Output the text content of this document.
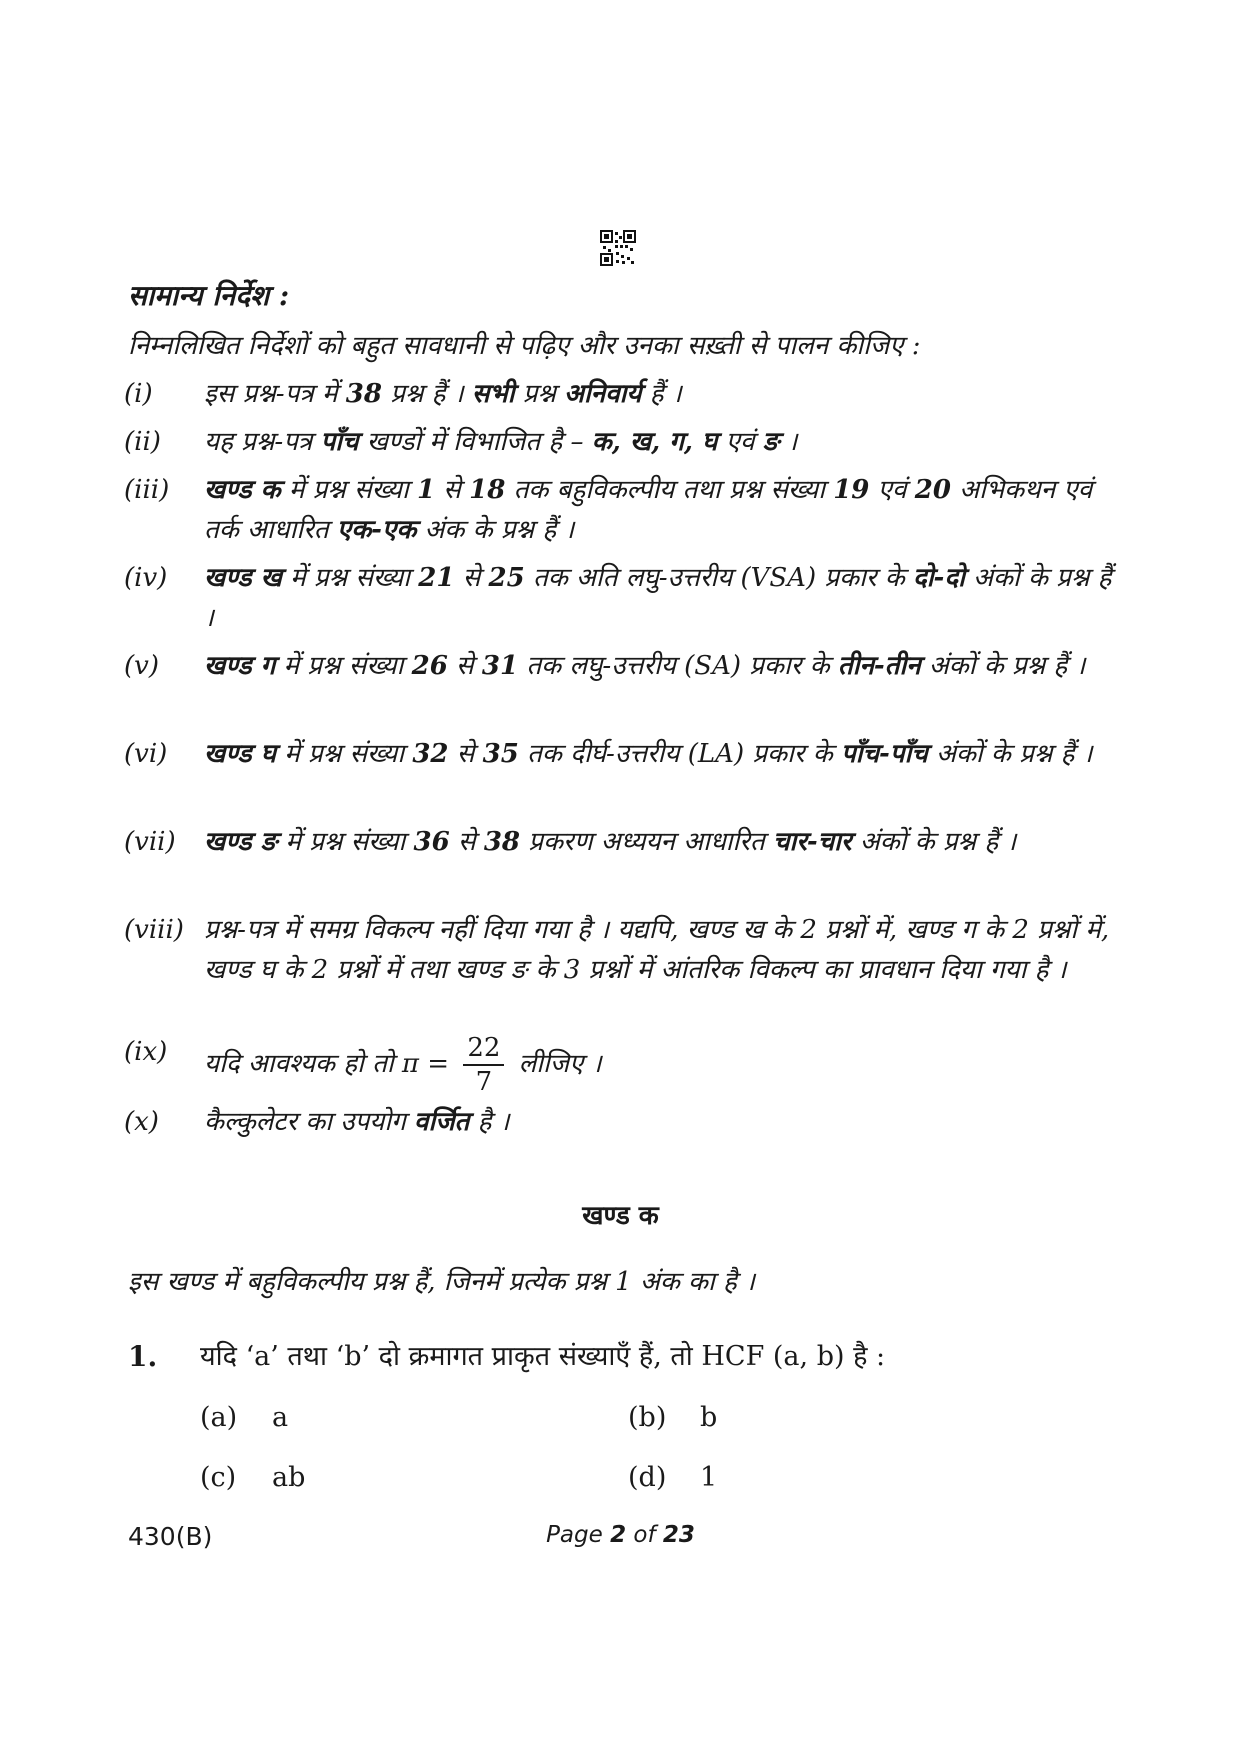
सामान्य निर्देश :
निम्नलिखित निर्देशों को बहुत सावधानी से पढ़िए और उनका सख़्ती से पालन कीजिए :
(i)	इस प्रश्न-पत्र में 38 प्रश्न हैं । सभी प्रश्न अनिवार्य हैं ।
(ii)	यह प्रश्न-पत्र पाँच खण्डों में विभाजित है – क, ख, ग, घ एवं ङ ।
(iii)	खण्ड क में प्रश्न संख्या 1 से 18 तक बहुविकल्पीय तथा प्रश्न संख्या 19 एवं 20 अभिकथन एवं तर्क आधारित एक-एक अंक के प्रश्न हैं ।
(iv)	खण्ड ख में प्रश्न संख्या 21 से 25 तक अति लघु-उत्तरीय (VSA) प्रकार के दो-दो अंकों के प्रश्न हैं ।
(v)	खण्ड ग में प्रश्न संख्या 26 से 31 तक लघु-उत्तरीय (SA) प्रकार के तीन-तीन अंकों के प्रश्न हैं ।
(vi)	खण्ड घ में प्रश्न संख्या 32 से 35 तक दीर्घ-उत्तरीय (LA) प्रकार के पाँच-पाँच अंकों के प्रश्न हैं ।
(vii)	खण्ड ङ में प्रश्न संख्या 36 से 38 प्रकरण अध्ययन आधारित चार-चार अंकों के प्रश्न हैं ।
(viii) प्रश्न-पत्र में समग्र विकल्प नहीं दिया गया है । यद्यपि, खण्ड ख के 2 प्रश्नों में, खण्ड ग के 2 प्रश्नों में, खण्ड घ के 2 प्रश्नों में तथा खण्ड ङ के 3 प्रश्नों में आंतरिक विकल्प का प्रावधान दिया गया है ।
(ix)	यदि आवश्यक हो तो $\pi = \frac{22}{7}$ लीजिए ।
(x)	कैल्कुलेटर का उपयोग वर्जित है ।
खण्ड क
इस खण्ड में बहुविकल्पीय प्रश्न हैं, जिनमें प्रत्येक प्रश्न 1 अंक का है ।
1. यदि ‘a’ तथा ‘b’ दो क्रमागत प्राकृत संख्याएँ हैं, तो HCF (a, b) है :
(a) a	(b) b
(c) ab	(d) 1
430(B)	Page 2 of 23
